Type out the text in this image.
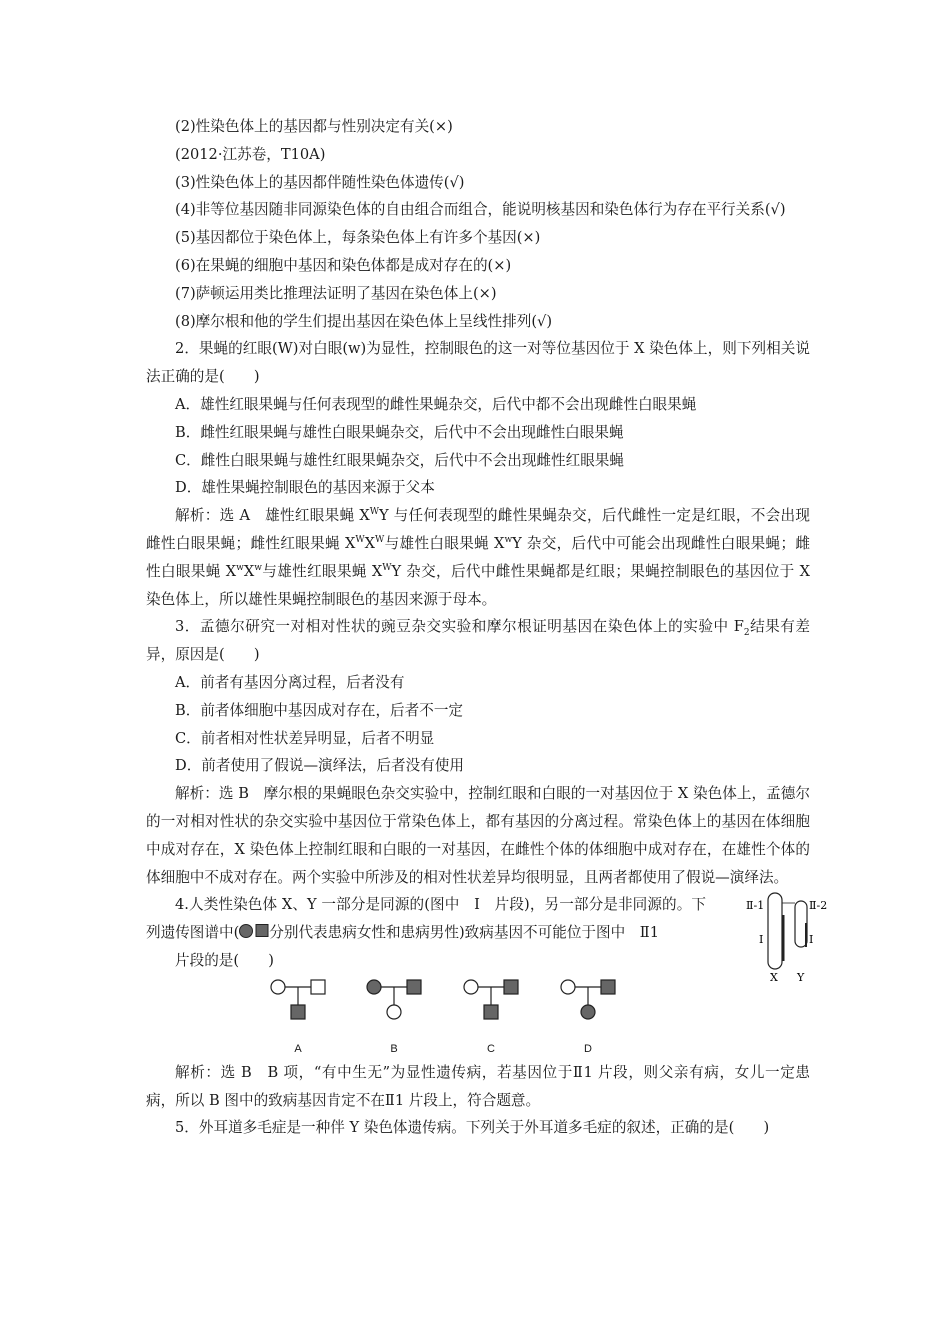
(2)性染色体上的基因都与性别决定有关(×)

(2012·江苏卷，T10A)

(3)性染色体上的基因都伴随性染色体遗传(√)

(4)非等位基因随非同源染色体的自由组合而组合，能说明核基因和染色体行为存在平行关系(√)

(5)基因都位于染色体上，每条染色体上有许多个基因(×)

(6)在果蝇的细胞中基因和染色体都是成对存在的(×)

(7)萨顿运用类比推理法证明了基因在染色体上(×)

(8)摩尔根和他的学生们提出基因在染色体上呈线性排列(√)

2．果蝇的红眼(W)对白眼(w)为显性，控制眼色的这一对等位基因位于 X 染色体上，则下列相关说法正确的是(　　)

A．雄性红眼果蝇与任何表现型的雌性果蝇杂交，后代中都不会出现雌性白眼果蝇

B．雌性红眼果蝇与雄性白眼果蝇杂交，后代中不会出现雌性白眼果蝇

C．雌性白眼果蝇与雄性红眼果蝇杂交，后代中不会出现雌性红眼果蝇

D．雄性果蝇控制眼色的基因来源于父本

解析：选 A　雄性红眼果蝇 $X^WY$ 与任何表现型的雌性果蝇杂交，后代雌性一定是红眼，不会出现雌性白眼果蝇；雌性红眼果蝇 $X^WX^W$与雄性白眼果蝇 $X^wY$ 杂交，后代中可能会出现雌性白眼果蝇；雌性白眼果蝇 $X^wX^w$与雄性红眼果蝇 $X^WY$ 杂交，后代中雌性果蝇都是红眼；果蝇控制眼色的基因位于 X 染色体上，所以雄性果蝇控制眼色的基因来源于母本。

3．孟德尔研究一对相对性状的豌豆杂交实验和摩尔根证明基因在染色体上的实验中 $F_2$结果有差异，原因是(　　)

A．前者有基因分离过程，后者没有

B．前者体细胞中基因成对存在，后者不一定

C．前者相对性状差异明显，后者不明显

D．前者使用了假说—演绎法，后者没有使用

解析：选 B　摩尔根的果蝇眼色杂交实验中，控制红眼和白眼的一对基因位于 X 染色体上，孟德尔的一对相对性状的杂交实验中基因位于常染色体上，都有基因的分离过程。常染色体上的基因在体细胞中成对存在，X 染色体上控制红眼和白眼的一对基因，在雌性个体的体细胞中成对存在，在雄性个体的体细胞中不成对存在。两个实验中所涉及的相对性状差异均很明显，且两者都使用了假说—演绎法。

4.人类性染色体 X、Y 一部分是同源的(图中　Ⅰ　片段)，另一部分是非同源的。下列遗传图谱中( 分别代表患病女性和患病男性)致病基因不可能位于图中　Ⅱ1

片段的是(　　)

Ⅱ-1	Ⅱ-2
Ⅰ	Ⅰ
X Y
A	B	C	D

解析：选 B　B 项，“有中生无”为显性遗传病，若基因位于Ⅱ1 片段，则父亲有病，女儿一定患病，所以 B 图中的致病基因肯定不在Ⅱ1 片段上，符合题意。

5．外耳道多毛症是一种伴 Y 染色体遗传病。下列关于外耳道多毛症的叙述，正确的是(　　)
